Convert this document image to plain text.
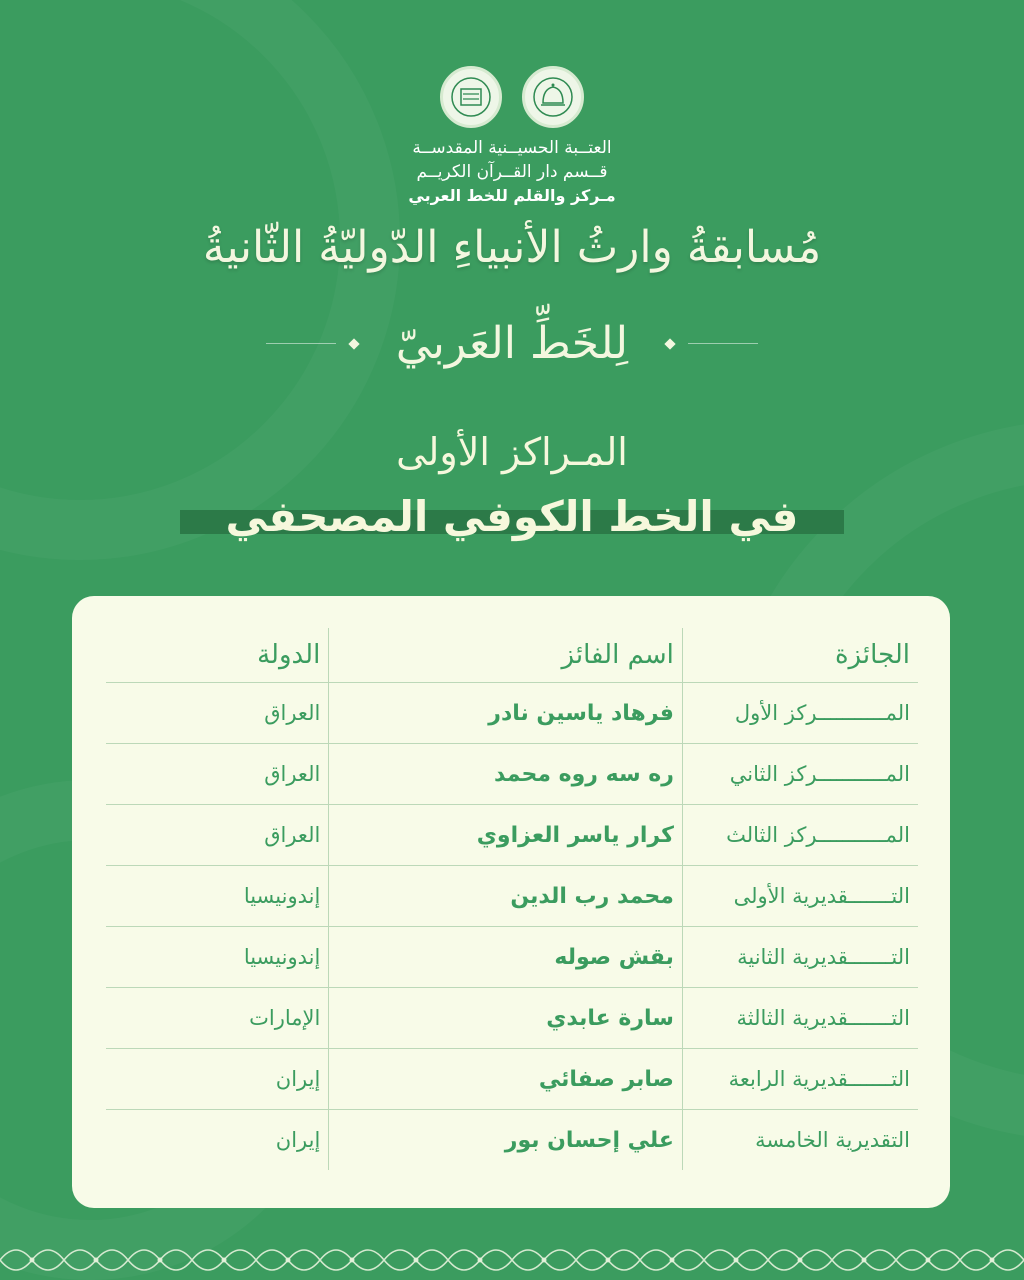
العتــبة الحسيــنية المقدســة
قــسم دار القــرآن الكريــم
مـركز والقلم للخط العربي
مُسابقةُ وارثُ الأنبياءِ الدّوليّةُ الثّانيةُ
لِلخَطِّ العَربيّ
المـراكز الأولى
في الخط الكوفي المصحفي
الجائزة	اسم الفائز	الدولة
المـــــــــــركز الأول	فرهاد ياسين نادر	العراق
المـــــــــــركز الثاني	ره سه روه محمد	العراق
المـــــــــــركز الثالث	كرار ياسر العزاوي	العراق
التـــــــقديرية الأولى	محمد رب الدين	إندونيسيا
التـــــــقديرية الثانية	بقش صوله	إندونيسيا
التـــــــقديرية الثالثة	سارة عابدي	الإمارات
التـــــــقديرية الرابعة	صابر صفائي	إيران
التقديرية الخامسة	علي إحسان بور	إيران
